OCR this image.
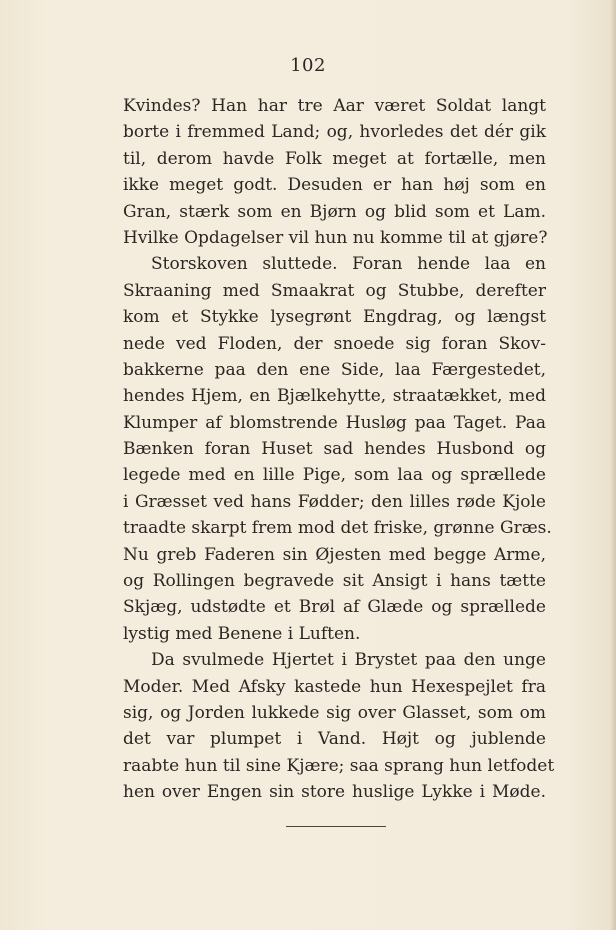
102
Kvindes? Han har tre Aar været Soldat langt
borte i fremmed Land; og, hvorledes det dér gik
til, derom havde Folk meget at fortælle, men
ikke meget godt. Desuden er han høj som en
Gran, stærk som en Bjørn og blid som et Lam.
Hvilke Opdagelser vil hun nu komme til at gjøre?
Storskoven sluttede. Foran hende laa en
Skraaning med Smaakrat og Stubbe, derefter
kom et Stykke lysegrønt Engdrag, og længst
nede ved Floden, der snoede sig foran Skov-
bakkerne paa den ene Side, laa Færgestedet,
hendes Hjem, en Bjælkehytte, straatækket, med
Klumper af blomstrende Husløg paa Taget. Paa
Bænken foran Huset sad hendes Husbond og
legede med en lille Pige, som laa og sprællede
i Græsset ved hans Fødder; den lilles røde Kjole
traadte skarpt frem mod det friske, grønne Græs.
Nu greb Faderen sin Øjesten med begge Arme,
og Rollingen begravede sit Ansigt i hans tætte
Skjæg, udstødte et Brøl af Glæde og sprællede
lystig med Benene i Luften.
Da svulmede Hjertet i Brystet paa den unge
Moder. Med Afsky kastede hun Hexespejlet fra
sig, og Jorden lukkede sig over Glasset, som om
det var plumpet i Vand. Højt og jublende
raabte hun til sine Kjære; saa sprang hun letfodet
hen over Engen sin store huslige Lykke i Møde.
